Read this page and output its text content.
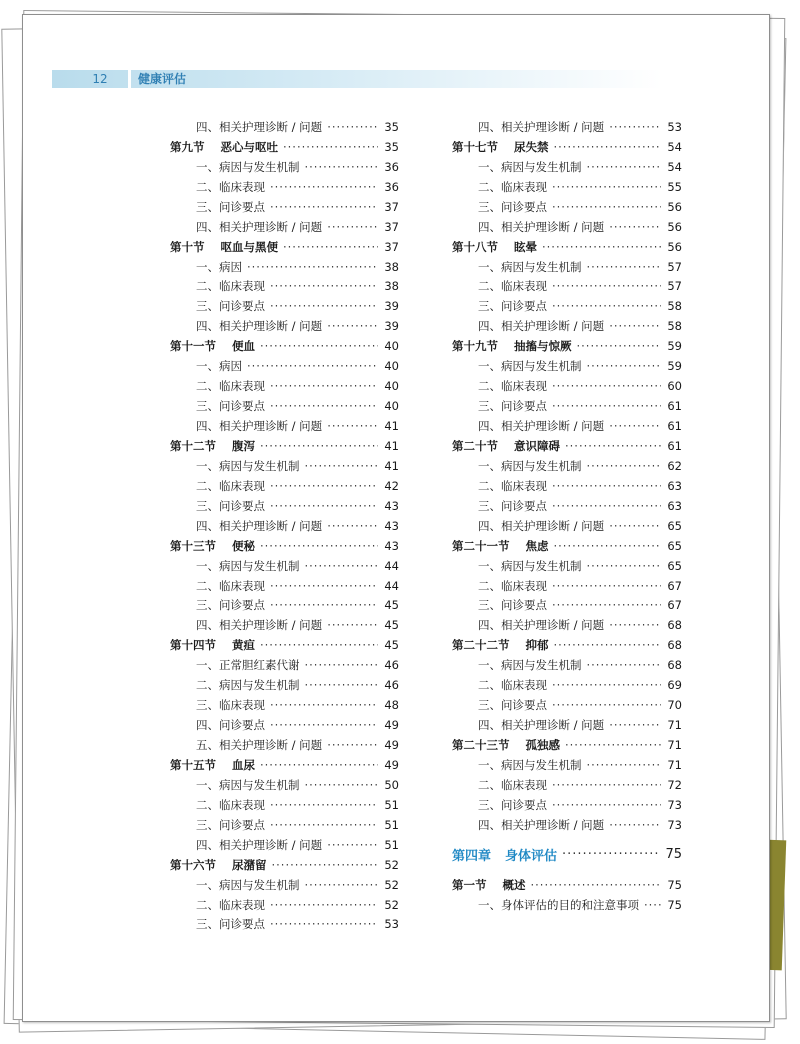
12	健康评估
四、相关护理诊断 / 问题 ·····	35
第九节 恶心与呕吐 ·····	35
一、病因与发生机制 ·····	36
二、临床表现 ·····	36
三、问诊要点 ·····	37
四、相关护理诊断 / 问题 ·····	37
第十节 呕血与黑便 ·····	37
一、病因 ·····	38
二、临床表现 ·····	38
三、问诊要点 ·····	39
四、相关护理诊断 / 问题 ·····	39
第十一节 便血 ·····	40
一、病因 ·····	40
二、临床表现 ·····	40
三、问诊要点 ·····	40
四、相关护理诊断 / 问题 ·····	41
第十二节 腹泻 ·····	41
一、病因与发生机制 ·····	41
二、临床表现 ·····	42
三、问诊要点 ·····	43
四、相关护理诊断 / 问题 ·····	43
第十三节 便秘 ·····	43
一、病因与发生机制 ·····	44
二、临床表现 ·····	44
三、问诊要点 ·····	45
四、相关护理诊断 / 问题 ·····	45
第十四节 黄疸 ·····	45
一、正常胆红素代谢 ·····	46
二、病因与发生机制 ·····	46
三、临床表现 ·····	48
四、问诊要点 ·····	49
五、相关护理诊断 / 问题 ·····	49
第十五节 血尿 ·····	49
一、病因与发生机制 ·····	50
二、临床表现 ·····	51
三、问诊要点 ·····	51
四、相关护理诊断 / 问题 ·····	51
第十六节 尿潴留 ·····	52
一、病因与发生机制 ·····	52
二、临床表现 ·····	52
三、问诊要点 ·····	53
四、相关护理诊断 / 问题 ·····	53
第十七节 尿失禁 ·····	54
一、病因与发生机制 ·····	54
二、临床表现 ·····	55
三、问诊要点 ·····	56
四、相关护理诊断 / 问题 ·····	56
第十八节 眩晕 ·····	56
一、病因与发生机制 ·····	57
二、临床表现 ·····	57
三、问诊要点 ·····	58
四、相关护理诊断 / 问题 ·····	58
第十九节 抽搐与惊厥 ·····	59
一、病因与发生机制 ·····	59
二、临床表现 ·····	60
三、问诊要点 ·····	61
四、相关护理诊断 / 问题 ·····	61
第二十节 意识障碍 ·····	61
一、病因与发生机制 ·····	62
二、临床表现 ·····	63
三、问诊要点 ·····	63
四、相关护理诊断 / 问题 ·····	65
第二十一节 焦虑 ·····	65
一、病因与发生机制 ·····	65
二、临床表现 ·····	67
三、问诊要点 ·····	67
四、相关护理诊断 / 问题 ·····	68
第二十二节 抑郁 ·····	68
一、病因与发生机制 ·····	68
二、临床表现 ·····	69
三、问诊要点 ·····	70
四、相关护理诊断 / 问题 ·····	71
第二十三节 孤独感 ·····	71
一、病因与发生机制 ·····	71
二、临床表现 ·····	72
三、问诊要点 ·····	73
四、相关护理诊断 / 问题 ·····	73
第四章 身体评估 ·····	75
第一节 概述 ·····	75
一、身体评估的目的和注意事项 ····· 75
